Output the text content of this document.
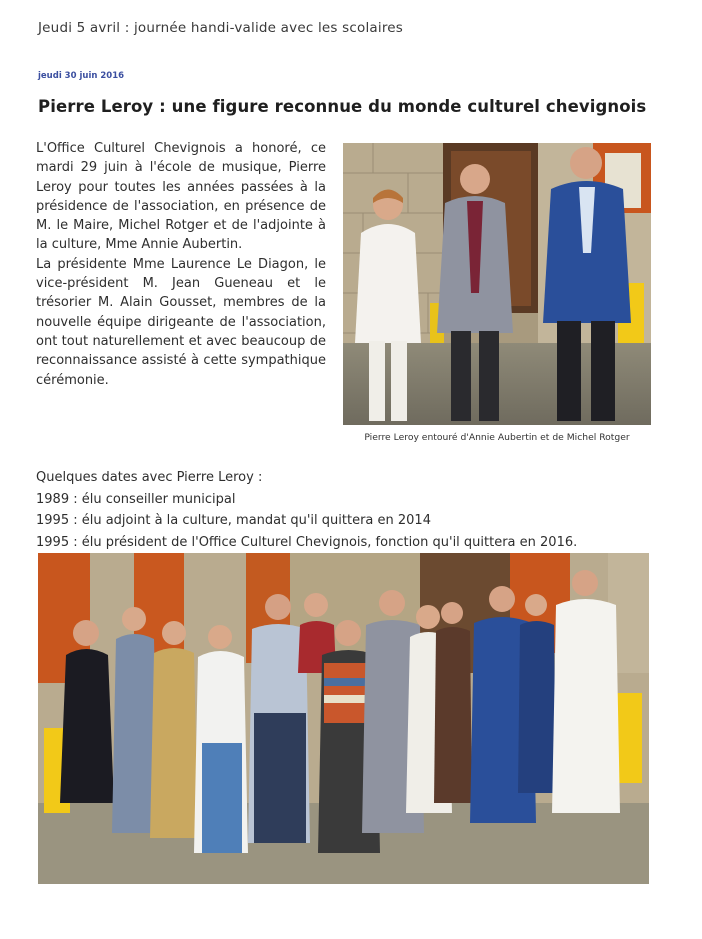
Jeudi 5 avril : journée handi-valide avec les scolaires
jeudi 30 juin 2016
Pierre Leroy : une figure reconnue du monde culturel chevignois

L'Office Culturel Chevignois a honoré, ce mardi 29 juin à l'école de musique, Pierre Leroy pour toutes les années passées à la présidence de l'association, en présence de M. le Maire, Michel Rotger et de l'adjointe à la culture, Mme Annie Aubertin.

La présidente Mme Laurence Le Diagon, le vice-président M. Jean Gueneau et le trésorier M. Alain Gousset, membres de la nouvelle équipe dirigeante de l'association, ont tout naturellement et avec beaucoup de reconnaissance assisté à cette sympathique cérémonie.

Pierre Leroy entouré d'Annie Aubertin et de Michel Rotger
Quelques dates avec Pierre Leroy :
1989 : élu conseiller municipal
1995 : élu adjoint à la culture, mandat qu'il quittera en 2014
1995 : élu président de l'Office Culturel Chevignois, fonction qu'il quittera en 2016.
